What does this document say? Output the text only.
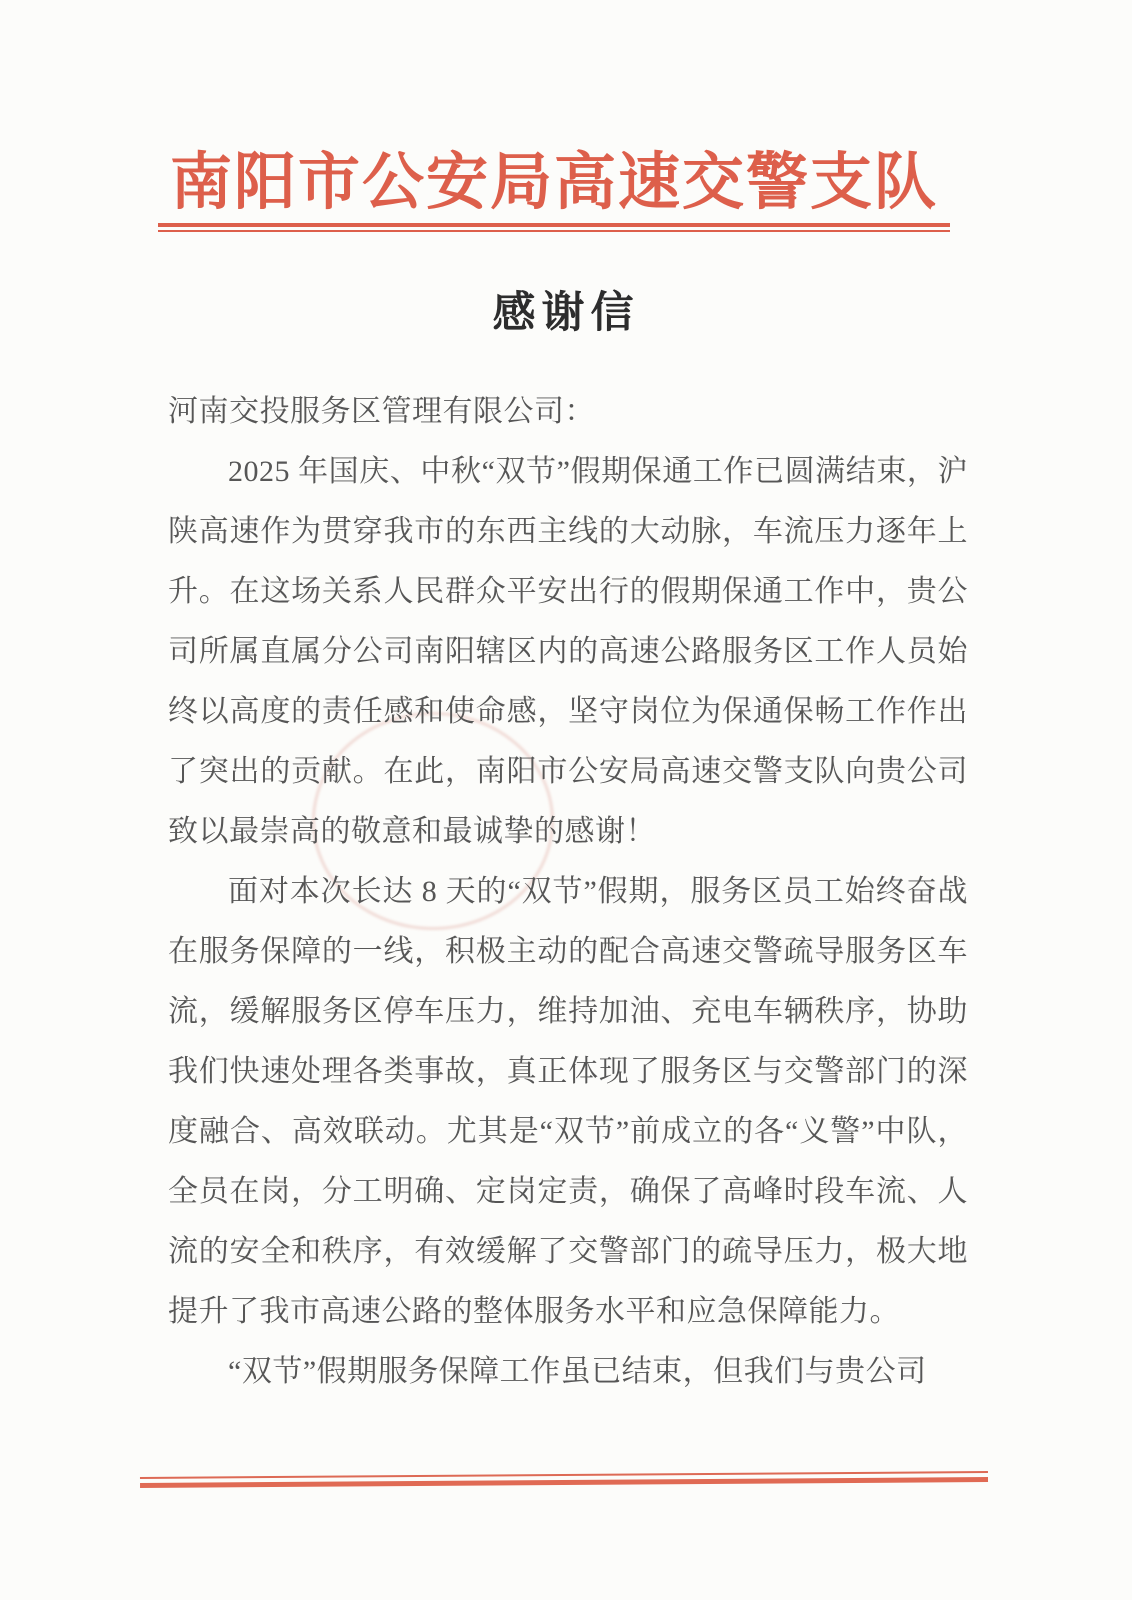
南阳市公安局高速交警支队
感谢信

河南交投服务区管理有限公司：

2025 年国庆、中秋“双节”假期保通工作已圆满结束，沪陕高速作为贯穿我市的东西主线的大动脉，车流压力逐年上升。在这场关系人民群众平安出行的假期保通工作中，贵公司所属直属分公司南阳辖区内的高速公路服务区工作人员始终以高度的责任感和使命感，坚守岗位为保通保畅工作作出了突出的贡献。在此，南阳市公安局高速交警支队向贵公司致以最崇高的敬意和最诚挚的感谢！

面对本次长达 8 天的“双节”假期，服务区员工始终奋战在服务保障的一线，积极主动的配合高速交警疏导服务区车流，缓解服务区停车压力，维持加油、充电车辆秩序，协助我们快速处理各类事故，真正体现了服务区与交警部门的深度融合、高效联动。尤其是“双节”前成立的各“义警”中队，全员在岗，分工明确、定岗定责，确保了高峰时段车流、人流的安全和秩序，有效缓解了交警部门的疏导压力，极大地提升了我市高速公路的整体服务水平和应急保障能力。

“双节”假期服务保障工作虽已结束，但我们与贵公司
